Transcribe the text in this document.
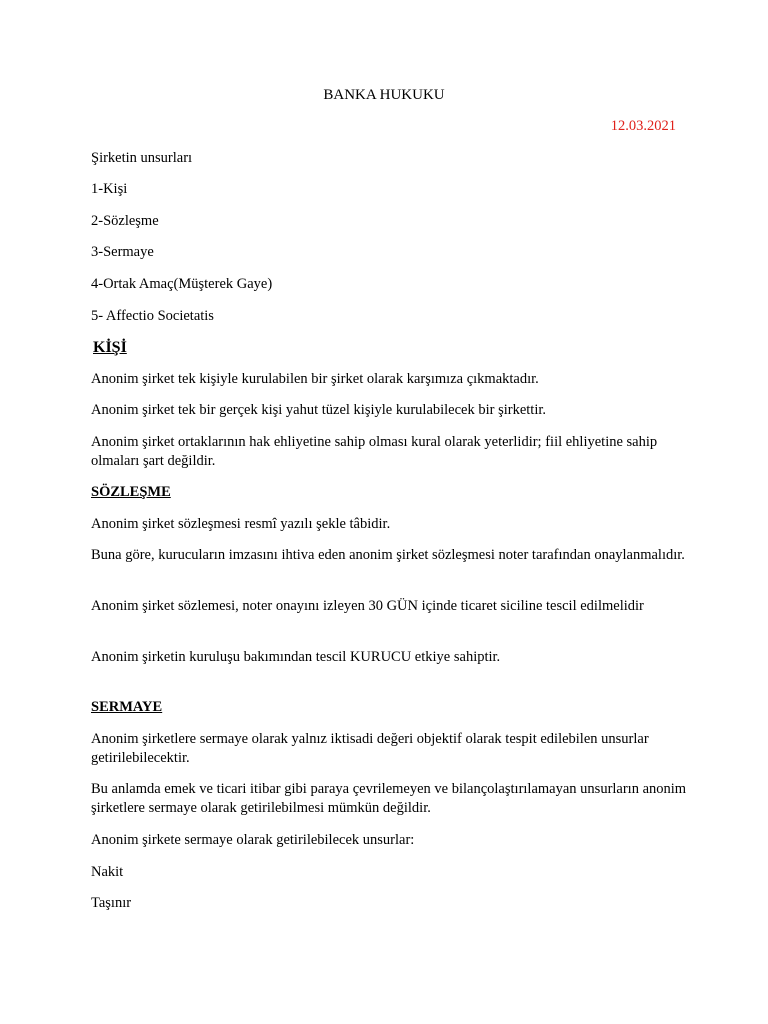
BANKA HUKUKU

12.03.2021

Şirketin unsurları

1-Kişi

2-Sözleşme

3-Sermaye

4-Ortak Amaç(Müşterek Gaye)

5- Affectio Societatis

KİŞİ

Anonim şirket tek kişiyle kurulabilen bir şirket olarak karşımıza çıkmaktadır.

Anonim şirket tek bir gerçek kişi yahut tüzel kişiyle kurulabilecek bir şirkettir.

Anonim şirket ortaklarının hak ehliyetine sahip olması kural olarak yeterlidir; fiil ehliyetine sahip olmaları şart değildir.

SÖZLEŞME

Anonim şirket sözleşmesi resmî yazılı şekle tâbidir.

Buna göre, kurucuların imzasını ihtiva eden anonim şirket sözleşmesi noter tarafından onaylanmalıdır.

Anonim şirket sözlemesi, noter onayını izleyen 30 GÜN içinde ticaret siciline tescil edilmelidir

Anonim şirketin kuruluşu bakımından tescil KURUCU etkiye sahiptir.

SERMAYE

Anonim şirketlere sermaye olarak yalnız iktisadi değeri objektif olarak tespit edilebilen unsurlar getirilebilecektir.

Bu anlamda emek ve ticari itibar gibi paraya çevrilemeyen ve bilançolaştırılamayan unsurların anonim şirketlere sermaye olarak getirilebilmesi mümkün değildir.

Anonim şirkete sermaye olarak getirilebilecek unsurlar:

Nakit

Taşınır
